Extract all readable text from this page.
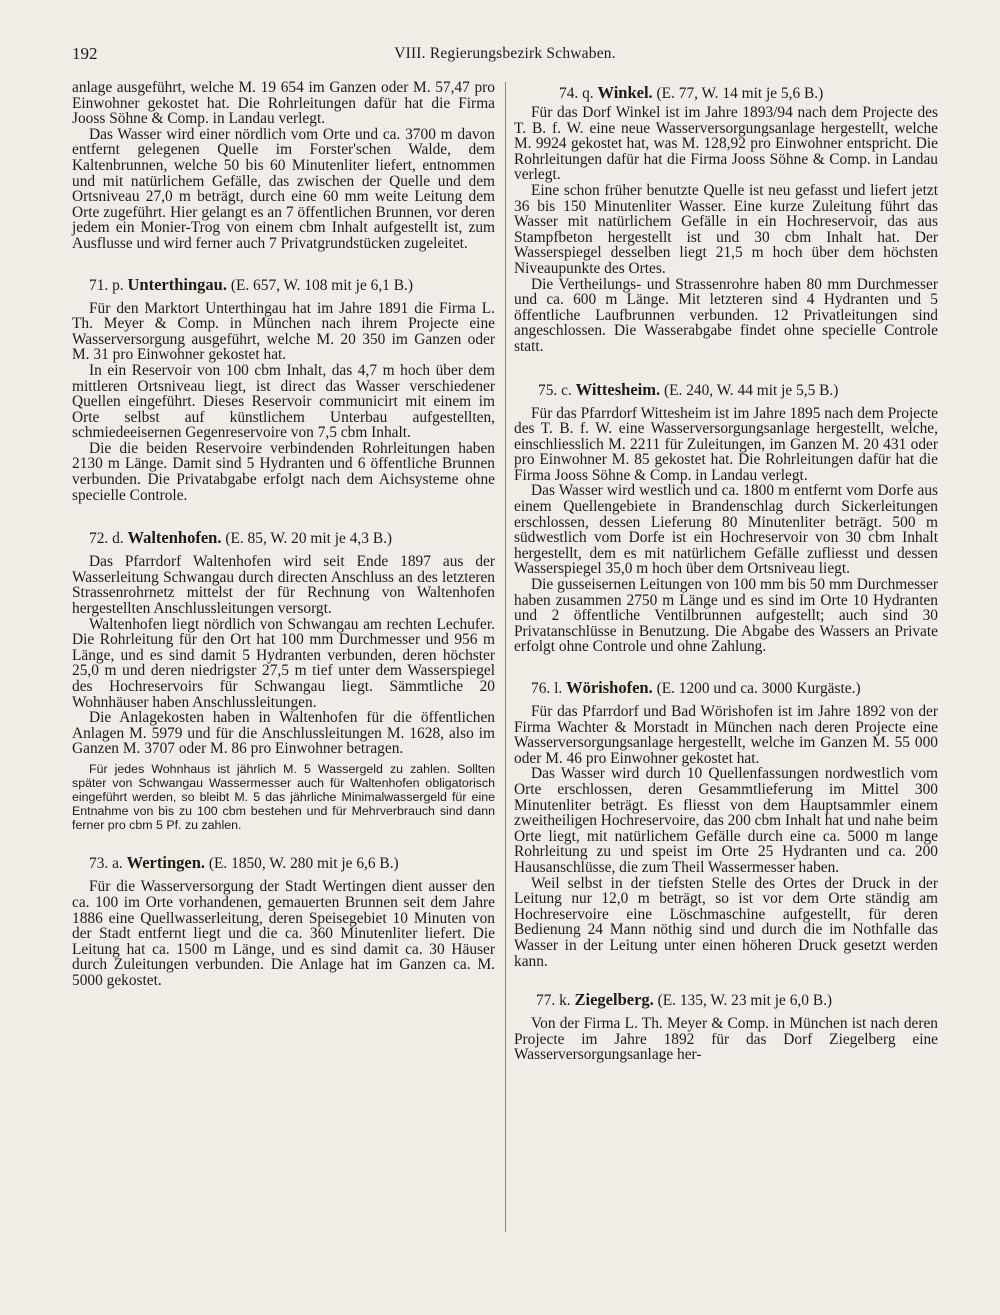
192	VIII. Regierungsbezirk Schwaben.

anlage ausgeführt, welche M. 19 654 im Ganzen oder M. 57,47 pro Einwohner gekostet hat. Die Rohrleitungen dafür hat die Firma Jooss Söhne & Comp. in Landau verlegt.

Das Wasser wird einer nördlich vom Orte und ca. 3700 m davon entfernt gelegenen Quelle im Forster'schen Walde, dem Kaltenbrunnen, welche 50 bis 60 Minutenliter liefert, entnommen und mit natürlichem Gefälle, das zwischen der Quelle und dem Ortsniveau 27,0 m beträgt, durch eine 60 mm weite Leitung dem Orte zugeführt. Hier gelangt es an 7 öffentlichen Brunnen, vor deren jedem ein Monier-Trog von einem cbm Inhalt aufgestellt ist, zum Ausflusse und wird ferner auch 7 Privatgrundstücken zugeleitet.

71. p. Unterthingau. (E. 657, W. 108 mit je 6,1 B.)

Für den Marktort Unterthingau hat im Jahre 1891 die Firma L. Th. Meyer & Comp. in München nach ihrem Projecte eine Wasserversorgung ausgeführt, welche M. 20 350 im Ganzen oder M. 31 pro Einwohner gekostet hat.

In ein Reservoir von 100 cbm Inhalt, das 4,7 m hoch über dem mittleren Ortsniveau liegt, ist direct das Wasser verschiedener Quellen eingeführt. Dieses Reservoir communicirt mit einem im Orte selbst auf künstlichem Unterbau aufgestellten, schmiedeeisernen Gegenreservoire von 7,5 cbm Inhalt.

Die die beiden Reservoire verbindenden Rohrleitungen haben 2130 m Länge. Damit sind 5 Hydranten und 6 öffentliche Brunnen verbunden. Die Privatabgabe erfolgt nach dem Aichsysteme ohne specielle Controle.

72. d. Waltenhofen. (E. 85, W. 20 mit je 4,3 B.)

Das Pfarrdorf Waltenhofen wird seit Ende 1897 aus der Wasserleitung Schwangau durch directen Anschluss an des letzteren Strassenrohrnetz mittelst der für Rechnung von Waltenhofen hergestellten Anschlussleitungen versorgt.

Waltenhofen liegt nördlich von Schwangau am rechten Lechufer. Die Rohrleitung für den Ort hat 100 mm Durchmesser und 956 m Länge, und es sind damit 5 Hydranten verbunden, deren höchster 25,0 m und deren niedrigster 27,5 m tief unter dem Wasserspiegel des Hochreservoirs für Schwangau liegt. Sämmtliche 20 Wohnhäuser haben Anschlussleitungen.

Die Anlagekosten haben in Waltenhofen für die öffentlichen Anlagen M. 5979 und für die Anschlussleitungen M. 1628, also im Ganzen M. 3707 oder M. 86 pro Einwohner betragen.

Für jedes Wohnhaus ist jährlich M. 5 Wassergeld zu zahlen. Sollten später von Schwangau Wassermesser auch für Waltenhofen obligatorisch eingeführt werden, so bleibt M. 5 das jährliche Minimalwassergeld für eine Entnahme von bis zu 100 cbm bestehen und für Mehrverbrauch sind dann ferner pro cbm 5 Pf. zu zahlen.

73. a. Wertingen. (E. 1850, W. 280 mit je 6,6 B.)

Für die Wasserversorgung der Stadt Wertingen dient ausser den ca. 100 im Orte vorhandenen, gemauerten Brunnen seit dem Jahre 1886 eine Quellwasserleitung, deren Speisegebiet 10 Minuten von der Stadt entfernt liegt und die ca. 360 Minutenliter liefert. Die Leitung hat ca. 1500 m Länge, und es sind damit ca. 30 Häuser durch Zuleitungen verbunden. Die Anlage hat im Ganzen ca. M. 5000 gekostet.

74. q. Winkel. (E. 77, W. 14 mit je 5,6 B.)

Für das Dorf Winkel ist im Jahre 1893/94 nach dem Projecte des T. B. f. W. eine neue Wasserversorgungsanlage hergestellt, welche M. 9924 gekostet hat, was M. 128,92 pro Einwohner entspricht. Die Rohrleitungen dafür hat die Firma Jooss Söhne & Comp. in Landau verlegt.

Eine schon früher benutzte Quelle ist neu gefasst und liefert jetzt 36 bis 150 Minutenliter Wasser. Eine kurze Zuleitung führt das Wasser mit natürlichem Gefälle in ein Hochreservoir, das aus Stampfbeton hergestellt ist und 30 cbm Inhalt hat. Der Wasserspiegel desselben liegt 21,5 m hoch über dem höchsten Niveaupunkte des Ortes.

Die Vertheilungs- und Strassenrohre haben 80 mm Durchmesser und ca. 600 m Länge. Mit letzteren sind 4 Hydranten und 5 öffentliche Laufbrunnen verbunden. 12 Privatleitungen sind angeschlossen. Die Wasserabgabe findet ohne specielle Controle statt.

75. c. Wittesheim. (E. 240, W. 44 mit je 5,5 B.)

Für das Pfarrdorf Wittesheim ist im Jahre 1895 nach dem Projecte des T. B. f. W. eine Wasserversorgungsanlage hergestellt, welche, einschliesslich M. 2211 für Zuleitungen, im Ganzen M. 20 431 oder pro Einwohner M. 85 gekostet hat. Die Rohrleitungen dafür hat die Firma Jooss Söhne & Comp. in Landau verlegt.

Das Wasser wird westlich und ca. 1800 m entfernt vom Dorfe aus einem Quellengebiete in Brandenschlag durch Sickerleitungen erschlossen, dessen Lieferung 80 Minutenliter beträgt. 500 m südwestlich vom Dorfe ist ein Hochreservoir von 30 cbm Inhalt hergestellt, dem es mit natürlichem Gefälle zufliesst und dessen Wasserspiegel 35,0 m hoch über dem Ortsniveau liegt.

Die gusseisernen Leitungen von 100 mm bis 50 mm Durchmesser haben zusammen 2750 m Länge und es sind im Orte 10 Hydranten und 2 öffentliche Ventilbrunnen aufgestellt; auch sind 30 Privatanschlüsse in Benutzung. Die Abgabe des Wassers an Private erfolgt ohne Controle und ohne Zahlung.

76. l. Wörishofen. (E. 1200 und ca. 3000 Kurgäste.)

Für das Pfarrdorf und Bad Wörishofen ist im Jahre 1892 von der Firma Wachter & Morstadt in München nach deren Projecte eine Wasserversorgungsanlage hergestellt, welche im Ganzen M. 55 000 oder M. 46 pro Einwohner gekostet hat.

Das Wasser wird durch 10 Quellenfassungen nordwestlich vom Orte erschlossen, deren Gesammtlieferung im Mittel 300 Minutenliter beträgt. Es fliesst von dem Hauptsammler einem zweitheiligen Hochreservoire, das 200 cbm Inhalt hat und nahe beim Orte liegt, mit natürlichem Gefälle durch eine ca. 5000 m lange Rohrleitung zu und speist im Orte 25 Hydranten und ca. 200 Hausanschlüsse, die zum Theil Wassermesser haben.

Weil selbst in der tiefsten Stelle des Ortes der Druck in der Leitung nur 12,0 m beträgt, so ist vor dem Orte ständig am Hochreservoire eine Löschmaschine aufgestellt, für deren Bedienung 24 Mann nöthig sind und durch die im Nothfalle das Wasser in der Leitung unter einen höheren Druck gesetzt werden kann.

77. k. Ziegelberg. (E. 135, W. 23 mit je 6,0 B.)

Von der Firma L. Th. Meyer & Comp. in München ist nach deren Projecte im Jahre 1892 für das Dorf Ziegelberg eine Wasserversorgungsanlage her-
